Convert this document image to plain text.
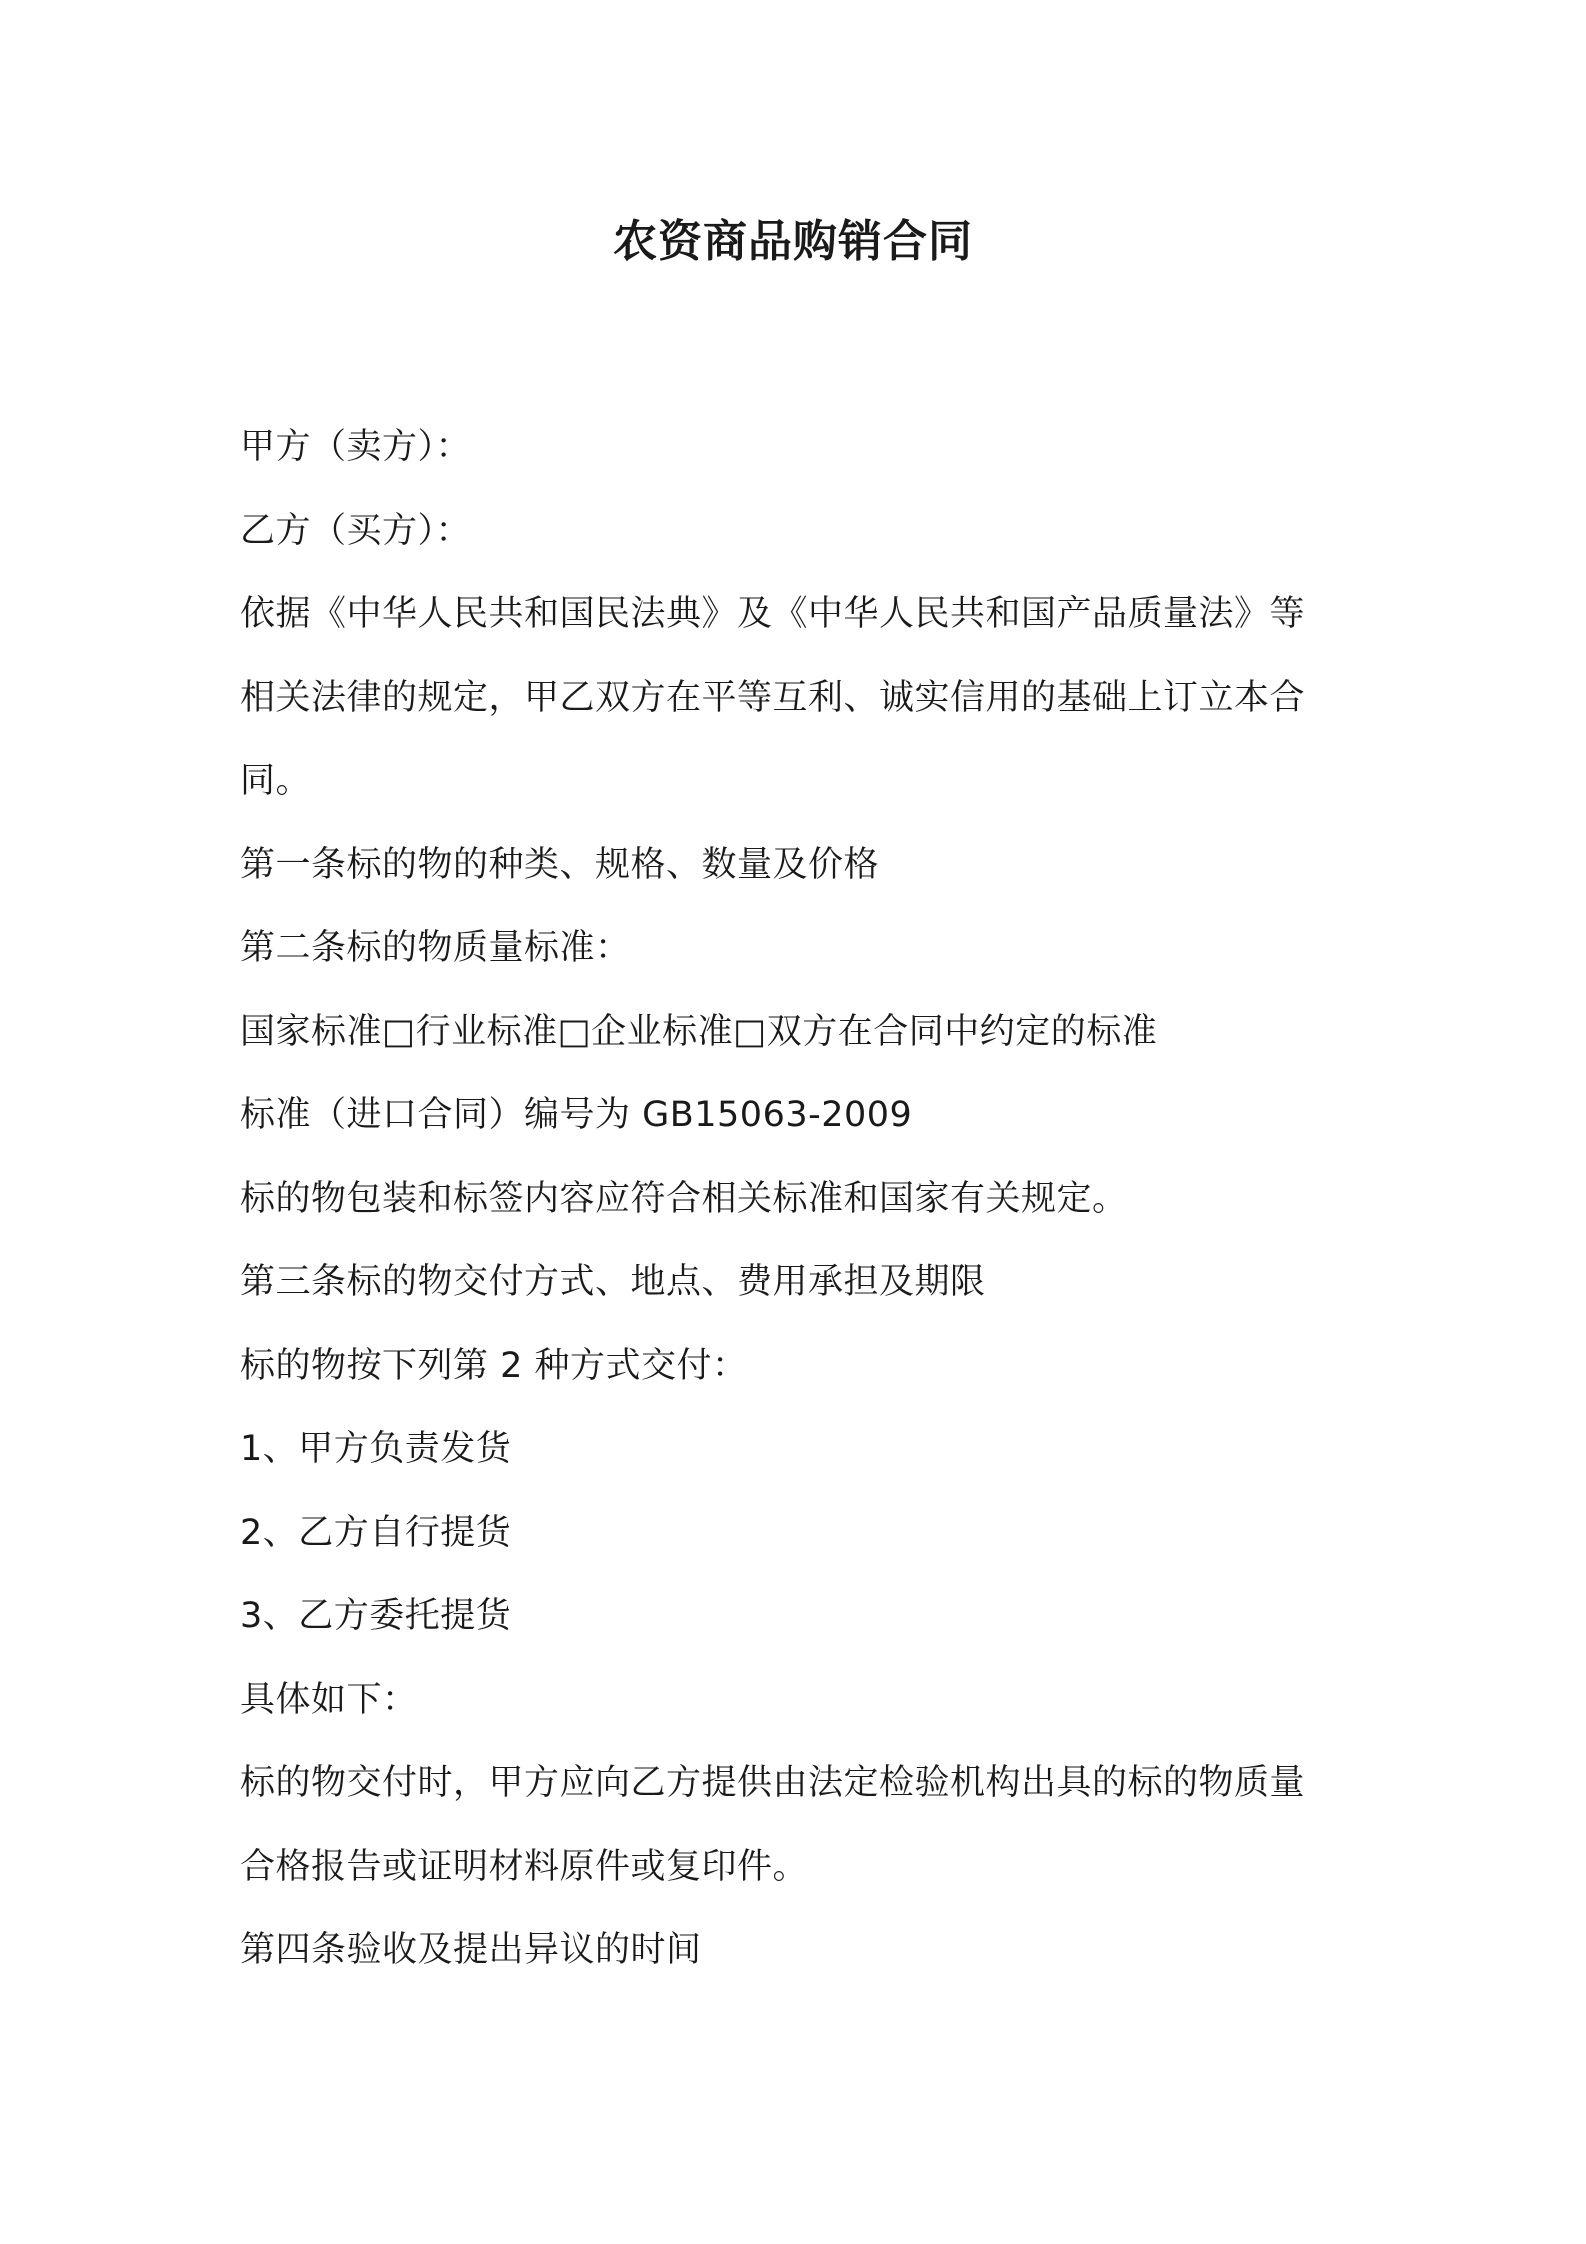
农资商品购销合同
甲方（卖方）：
乙方（买方）：
依据《中华人民共和国民法典》及《中华人民共和国产品质量法》等
相关法律的规定，甲乙双方在平等互利、诚实信用的基础上订立本合
同。
第一条标的物的种类、规格、数量及价格
第二条标的物质量标准：
国家标准□行业标准□企业标准□双方在合同中约定的标准
标准（进口合同）编号为 GB15063-2009
标的物包装和标签内容应符合相关标准和国家有关规定。
第三条标的物交付方式、地点、费用承担及期限
标的物按下列第 2 种方式交付：
1、甲方负责发货
2、乙方自行提货
3、乙方委托提货
具体如下：
标的物交付时，甲方应向乙方提供由法定检验机构出具的标的物质量
合格报告或证明材料原件或复印件。
第四条验收及提出异议的时间
